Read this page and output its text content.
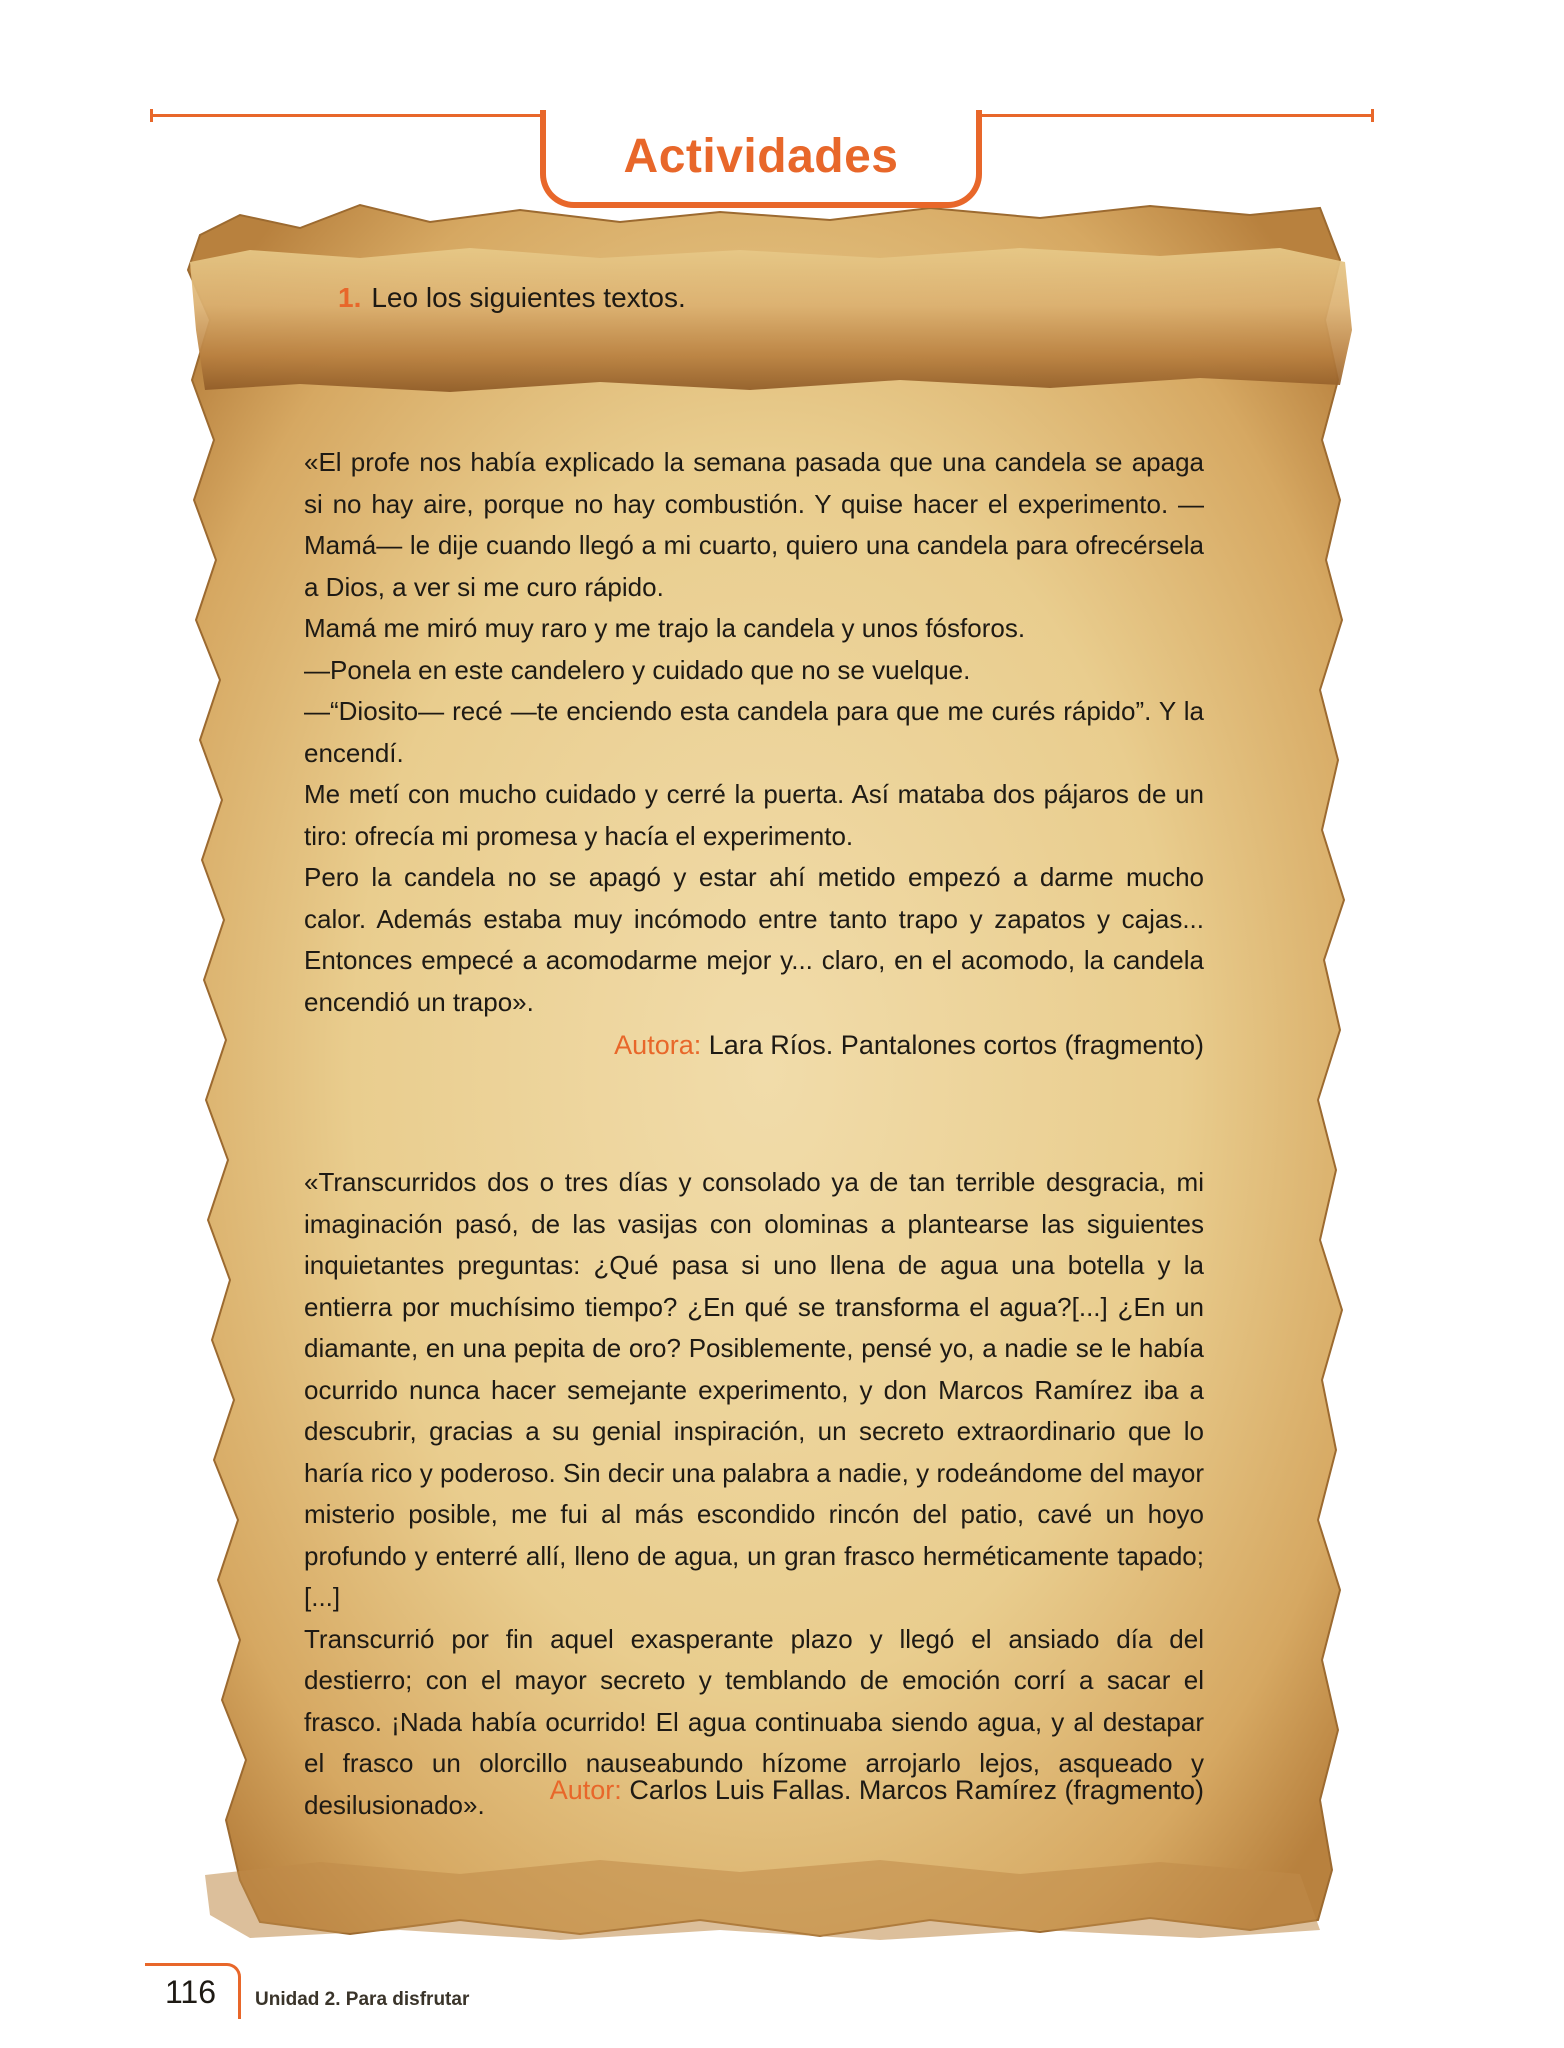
Actividades
1. Leo los siguientes textos.

«El profe nos había explicado la semana pasada que una candela se apaga si no hay aire, porque no hay combustión. Y quise hacer el experimento. —Mamá— le dije cuando llegó a mi cuarto, quiero una candela para ofrecérsela a Dios, a ver si me curo rápido.

Mamá me miró muy raro y me trajo la candela y unos fósforos.

—Ponela en este candelero y cuidado que no se vuelque.

—“Diosito— recé —te enciendo esta candela para que me curés rápido”. Y la encendí.

Me metí con mucho cuidado y cerré la puerta. Así mataba dos pájaros de un tiro: ofrecía mi promesa y hacía el experimento.

Pero la candela no se apagó y estar ahí metido empezó a darme mucho calor. Además estaba muy incómodo entre tanto trapo y zapatos y cajas... Entonces empecé a acomodarme mejor y... claro, en el acomodo, la candela encendió un trapo».

Autora: Lara Ríos. Pantalones cortos (fragmento)

«Transcurridos dos o tres días y consolado ya de tan terrible desgracia, mi imaginación pasó, de las vasijas con olominas a plantearse las siguientes inquietantes preguntas: ¿Qué pasa si uno llena de agua una botella y la entierra por muchísimo tiempo? ¿En qué se transforma el agua?[...] ¿En un diamante, en una pepita de oro? Posiblemente, pensé yo, a nadie se le había ocurrido nunca hacer semejante experimento, y don Marcos Ramírez iba a descubrir, gracias a su genial inspiración, un secreto extraordinario que lo haría rico y poderoso. Sin decir una palabra a nadie, y rodeándome del mayor misterio posible, me fui al más escondido rincón del patio, cavé un hoyo profundo y enterré allí, lleno de agua, un gran frasco herméticamente tapado;[...]

Transcurrió por fin aquel exasperante plazo y llegó el ansiado día del destierro; con el mayor secreto y temblando de emoción corrí a sacar el frasco. ¡Nada había ocurrido! El agua continuaba siendo agua, y al destapar el frasco un olorcillo nauseabundo hízome arrojarlo lejos, asqueado y desilusionado».	Autor: Carlos Luis Fallas. Marcos Ramírez (fragmento)
116	Unidad 2. Para disfrutar
